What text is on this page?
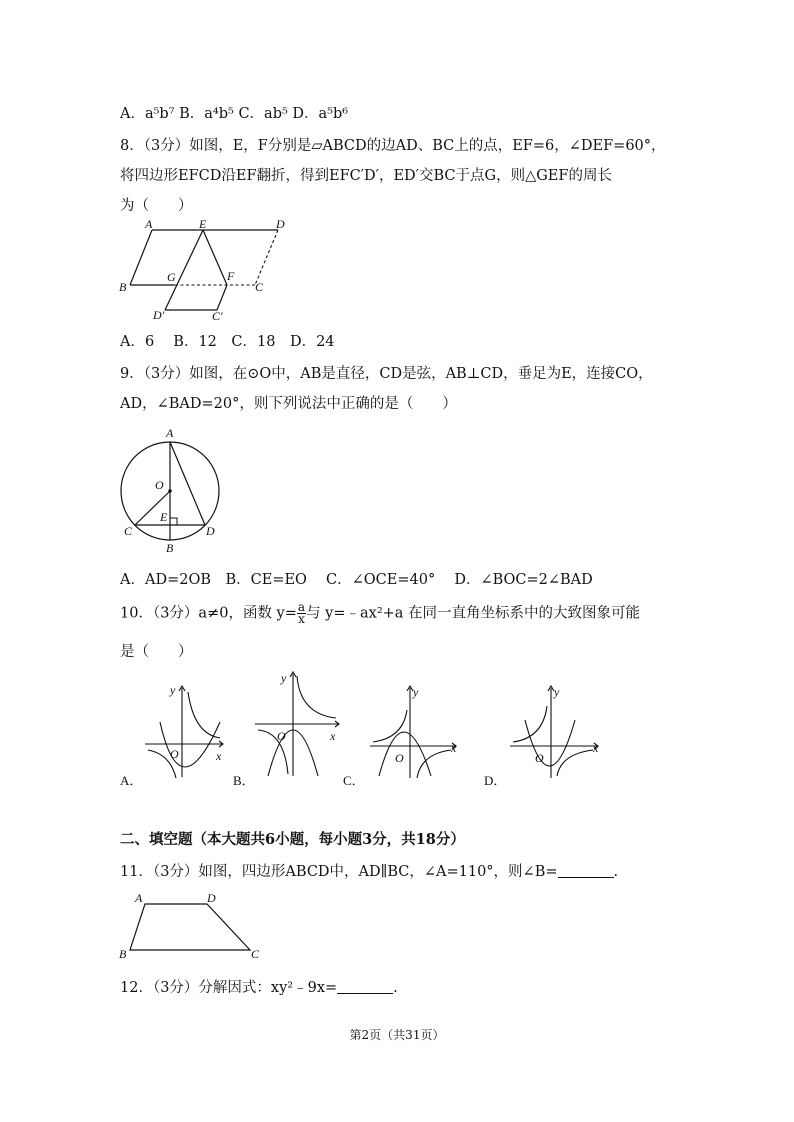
A．a⁵b⁷ B．a⁴b⁵ C．ab⁵ D．a⁵b⁶
8．（3分）如图，E，F分别是▱ABCD的边AD、BC上的点，EF=6，∠DEF=60°，
将四边形EFCD沿EF翻折，得到EFC′D′，ED′交BC于点G，则△GEF的周长
为（　　）
A	E	D
B
G	F
C
D′	C′
A．6　 B．12　C．18　D．24
9．（3分）如图，在⊙O中，AB是直径，CD是弦，AB⊥CD，垂足为E，连接CO，
AD，∠BAD=20°，则下列说法中正确的是（　　）
A
O
E
C	D
B
A．AD=2OB　B．CE=EO　 C．∠OCE=40°　 D．∠BOC=2∠BAD
10．（3分）a≠0，函数 $y= \frac{a}{x}$ 与 y=﹣ax²+a 在同一直角坐标系中的大致图象可能
是（　　）
A．
y
x
O
B．
y
x
O
C．
y
x
O
D．
y
x
O
二、填空题（本大题共6小题，每小题3分，共18分）
11．（3分）如图，四边形ABCD中，AD∥BC，∠A=110°，则∠B=	.
A	D
B	C
12．（3分）分解因式：xy²﹣9x=	.
第2页（共31页）
